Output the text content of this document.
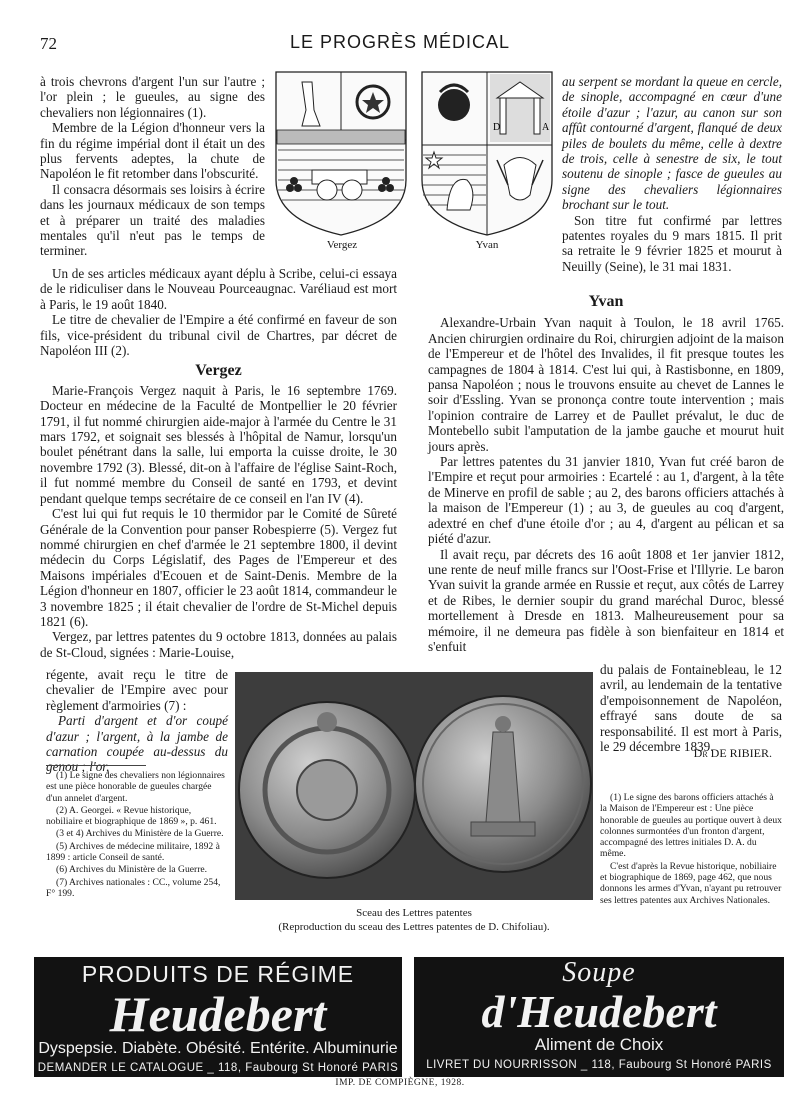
72	LE PROGRÈS MÉDICAL

à trois chevrons d'argent l'un sur l'autre ; l'or plein ; le gueules, au signe des chevaliers non légionnaires (1).

Membre de la Légion d'honneur vers la fin du régime impérial dont il était un des plus fervents adeptes, la chute de Napoléon le fit retomber dans l'obscurité.

Il consacra désormais ses loisirs à écrire dans les journaux médicaux de son temps et à préparer un traité des maladies mentales qu'il n'eut pas le temps de terminer.

D	A
Vergez	Yvan

Un de ses articles médicaux ayant déplu à Scribe, celui-ci essaya de le ridiculiser dans le Nouveau Pourceaugnac. Varéliaud est mort à Paris, le 19 août 1840.

Le titre de chevalier de l'Empire a été confirmé en faveur de son fils, vice-président du tribunal civil de Chartres, par décret de Napoléon III (2).

Vergez

Marie-François Vergez naquit à Paris, le 16 septembre 1769. Docteur en médecine de la Faculté de Montpellier le 20 février 1791, il fut nommé chirurgien aide-major à l'armée du Centre le 31 mars 1792, et soignait ses blessés à l'hôpital de Namur, lorsqu'un boulet pénétrant dans la salle, lui emporta la cuisse droite, le 30 novembre 1792 (3). Blessé, dit-on à l'affaire de l'église Saint-Roch, il fut nommé membre du Conseil de santé en 1793, et devint pendant quelque temps secrétaire de ce conseil en l'an IV (4).

C'est lui qui fut requis le 10 thermidor par le Comité de Sûreté Générale de la Convention pour panser Robespierre (5). Vergez fut nommé chirurgien en chef d'armée le 21 septembre 1800, il devint médecin du Corps Législatif, des Pages de l'Empereur et des Maisons impériales d'Ecouen et de Saint-Denis. Membre de la Légion d'honneur en 1807, officier le 23 août 1814, commandeur le 3 novembre 1825 ; il était chevalier de l'ordre de St-Michel depuis 1821 (6).

Vergez, par lettres patentes du 9 octobre 1813, données au palais de St-Cloud, signées : Marie-Louise,

régente, avait reçu le titre de chevalier de l'Empire avec pour règlement d'armoiries (7) :

Parti d'argent et d'or coupé d'azur ; l'argent, à la jambe de carnation coupée au-dessus du genou ; l'or,

(1) Le signe des chevaliers non légionnaires est une pièce honorable de gueules chargée d'un annelet d'argent.

(2) A. Georgei. « Revue historique, nobiliaire et biographique de 1869 », p. 461.

(3 et 4) Archives du Ministère de la Guerre.

(5) Archives de médecine militaire, 1892 à 1899 : article Conseil de santé.

(6) Archives du Ministère de la Guerre.

(7) Archives nationales : CC., volume 254, F° 199.

au serpent se mordant la queue en cercle, de sinople, accompagné en cœur d'une étoile d'azur ; l'azur, au canon sur son affût contourné d'argent, flanqué de deux piles de boulets du même, celle à dextre de trois, celle à senestre de six, le tout soutenu de sinople ; fasce de gueules au signe des chevaliers légionnaires brochant sur le tout.

Son titre fut confirmé par lettres patentes royales du 9 mars 1815. Il prit sa retraite le 9 février 1825 et mourut à Neuilly (Seine), le 31 mai 1831.

Yvan

Alexandre-Urbain Yvan naquit à Toulon, le 18 avril 1765. Ancien chirurgien ordinaire du Roi, chirurgien adjoint de la maison de l'Empereur et de l'hôtel des Invalides, il fit presque toutes les campagnes de 1804 à 1814. C'est lui qui, à Rastisbonne, en 1809, pansa Napoléon ; nous le trouvons ensuite au chevet de Lannes le soir d'Essling. Yvan se prononça contre toute intervention ; mais l'opinion contraire de Larrey et de Paullet prévalut, le duc de Montebello subit l'amputation de la jambe gauche et mourut huit jours après.

Par lettres patentes du 31 janvier 1810, Yvan fut créé baron de l'Empire et reçut pour armoiries : Ecartelé : au 1, d'argent, à la tête de Minerve en profil de sable ; au 2, des barons officiers attachés à la maison de l'Empereur (1) ; au 3, de gueules au coq d'argent, adextré en chef d'une étoile d'or ; au 4, d'argent au pélican et sa piété d'azur.

Il avait reçu, par décrets des 16 août 1808 et 1er janvier 1812, une rente de neuf mille francs sur l'Oost-Frise et l'Illyrie. Le baron Yvan suivit la grande armée en Russie et reçut, aux côtés de Larrey et de Ribes, le dernier soupir du grand maréchal Duroc, blessé mortellement à Dresde en 1813. Malheureusement pour sa mémoire, il ne demeura pas fidèle à son bienfaiteur en 1814 et s'enfuit

du palais de Fontainebleau, le 12 avril, au lendemain de la tentative d'empoisonnement de Napoléon, effrayé sans doute de sa responsabilité. Il est mort à Paris, le 29 décembre 1839.

Dr DE RIBIER.

(1) Le signe des barons officiers attachés à la Maison de l'Empereur est : Une pièce honorable de gueules au portique ouvert à deux colonnes surmontées d'un fronton d'argent, accompagné des lettres initiales D. A. du même.

C'est d'après la Revue historique, nobiliaire et biographique de 1869, page 462, que nous donnons les armes d'Yvan, n'ayant pu retrouver ses lettres patentes aux Archives Nationales.

Sceau des Lettres patentes
(Reproduction du sceau des Lettres patentes de D. Chifoliau).
PRODUITS DE RÉGIME
Heudebert
Dyspepsie. Diabète. Obésité. Entérite. Albuminurie
DEMANDER LE CATALOGUE _ 118, Faubourg St Honoré PARIS
Soupe
d'Heudebert
Aliment de Choix
LIVRET DU NOURRISSON _ 118, Faubourg St Honoré PARIS
IMP. DE COMPIÈGNE, 1928.
